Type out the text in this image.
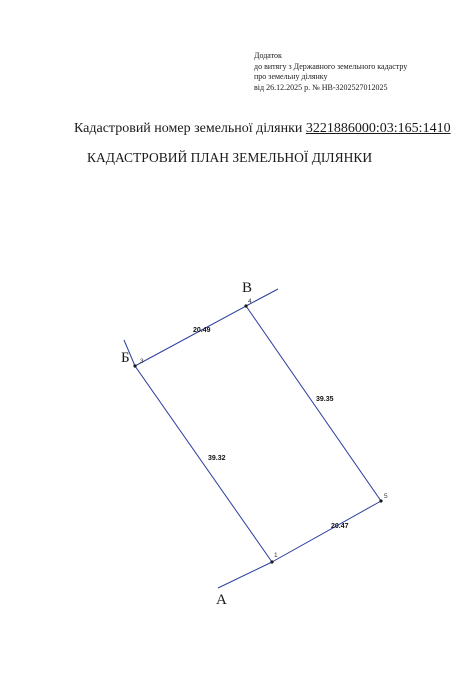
Додаток
до витягу з Державного земельного кадастру
про земельну ділянку
від 26.12.2025 р. № НВ-3202527012025
Кадастровий номер земельної ділянки 3221886000:03:165:1410
КАДАСТРОВИЙ ПЛАН ЗЕМЕЛЬНОЇ ДІЛЯНКИ
3
4
5
1
20.49
39.35
39.32
20.47
В
Б
А
